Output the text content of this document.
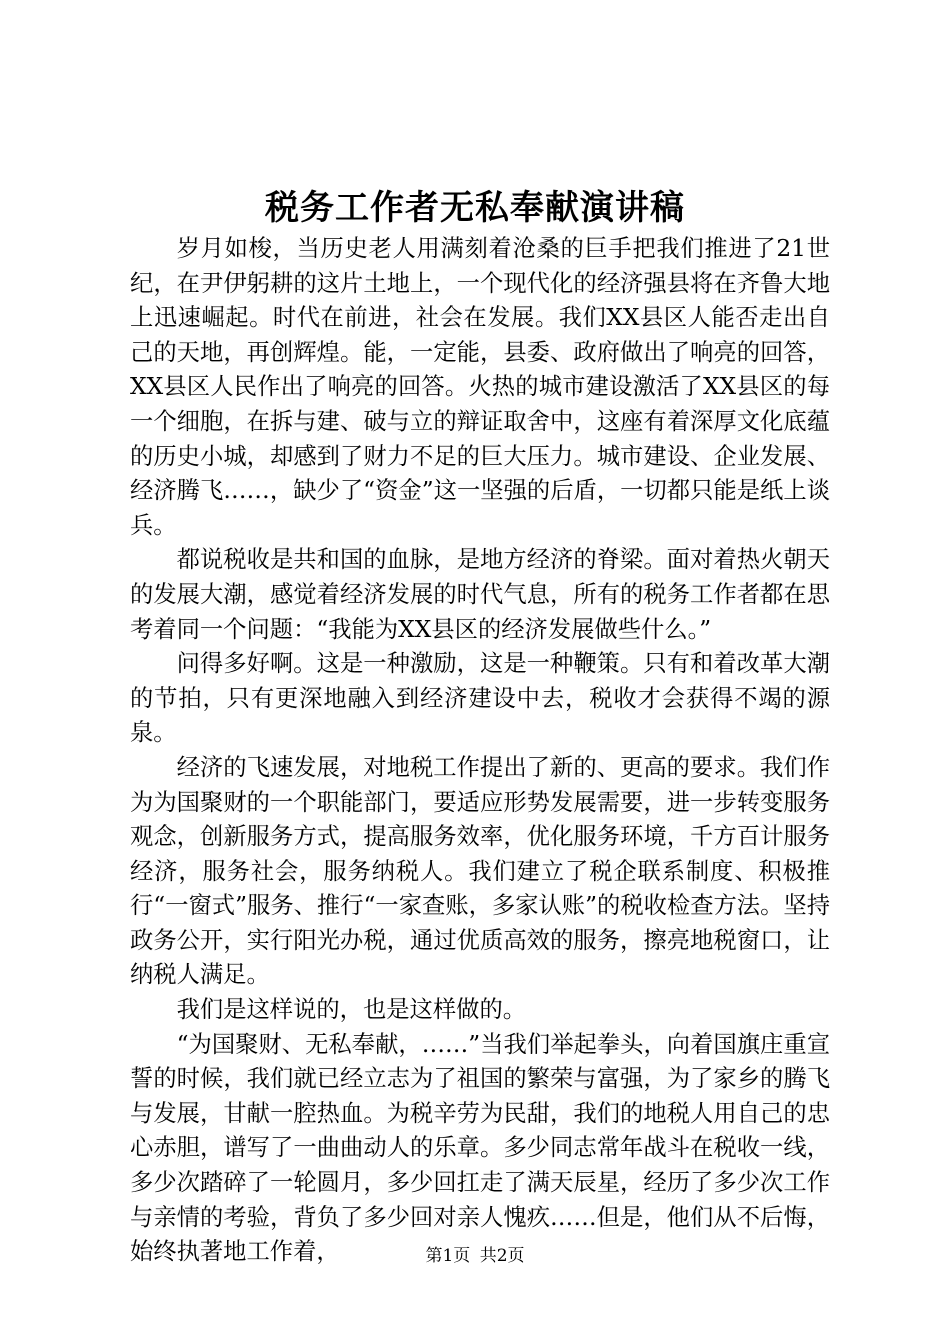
税务工作者无私奉献演讲稿

岁月如梭，当历史老人用满刻着沧桑的巨手把我们推进了21世纪，在尹伊躬耕的这片土地上，一个现代化的经济强县将在齐鲁大地上迅速崛起。时代在前进，社会在发展。我们XX县区人能否走出自己的天地，再创辉煌。能，一定能，县委、政府做出了响亮的回答，XX县区人民作出了响亮的回答。火热的城市建设激活了XX县区的每一个细胞，在拆与建、破与立的辩证取舍中，这座有着深厚文化底蕴的历史小城，却感到了财力不足的巨大压力。城市建设、企业发展、经济腾飞……，缺少了“资金”这一坚强的后盾，一切都只能是纸上谈兵。

都说税收是共和国的血脉，是地方经济的脊梁。面对着热火朝天的发展大潮，感觉着经济发展的时代气息，所有的税务工作者都在思考着同一个问题：“我能为XX县区的经济发展做些什么。”

问得多好啊。这是一种激励，这是一种鞭策。只有和着改革大潮的节拍，只有更深地融入到经济建设中去，税收才会获得不竭的源泉。

经济的飞速发展，对地税工作提出了新的、更高的要求。我们作为为国聚财的一个职能部门，要适应形势发展需要，进一步转变服务观念，创新服务方式，提高服务效率，优化服务环境，千方百计服务经济，服务社会，服务纳税人。我们建立了税企联系制度、积极推行“一窗式”服务、推行“一家查账，多家认账”的税收检查方法。坚持政务公开，实行阳光办税，通过优质高效的服务，擦亮地税窗口，让纳税人满足。

我们是这样说的，也是这样做的。

“为国聚财、无私奉献，……”当我们举起拳头，向着国旗庄重宣誓的时候，我们就已经立志为了祖国的繁荣与富强，为了家乡的腾飞与发展，甘献一腔热血。为税辛劳为民甜，我们的地税人用自己的忠心赤胆，谱写了一曲曲动人的乐章。多少同志常年战斗在税收一线，多少次踏碎了一轮圆月，多少回扛走了满天辰星，经历了多少次工作与亲情的考验，背负了多少回对亲人愧疚……但是，他们从不后悔，始终执著地工作着，	第1页 共2页
